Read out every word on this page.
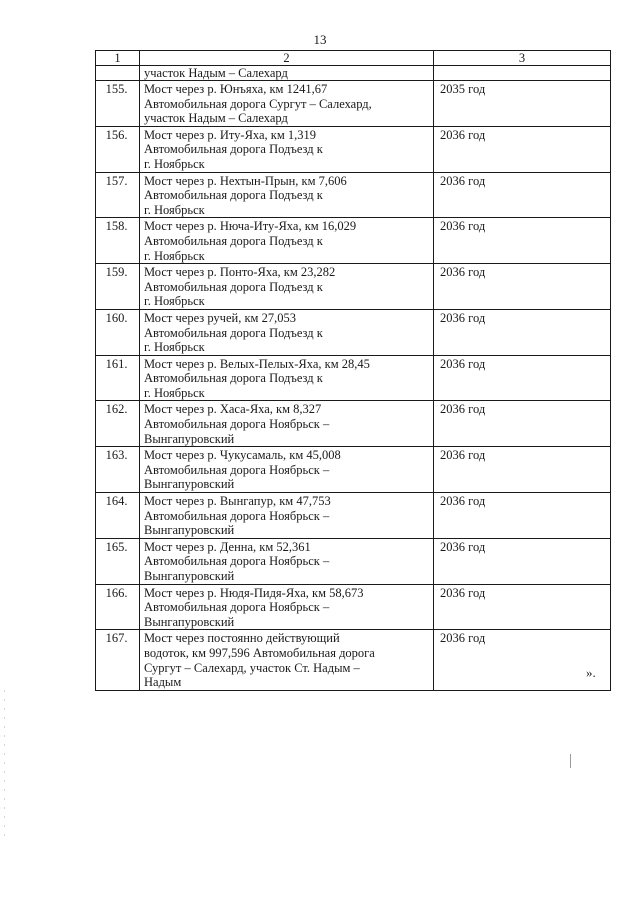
13
1	2	3
	участок Надым – Салехард	
155.	Мост через р. Юнъяха, км 1241,67
Автомобильная дорога Сургут – Салехард,
участок Надым – Салехард	2035 год
156.	Мост через р. Иту-Яха, км 1,319
Автомобильная дорога Подъезд к
г. Ноябрьск	2036 год
157.	Мост через р. Нехтын-Прын, км 7,606
Автомобильная дорога Подъезд к
г. Ноябрьск	2036 год
158.	Мост через р. Нюча-Иту-Яха, км 16,029
Автомобильная дорога Подъезд к
г. Ноябрьск	2036 год
159.	Мост через р. Понто-Яха, км 23,282
Автомобильная дорога Подъезд к
г. Ноябрьск	2036 год
160.	Мост через ручей, км 27,053
Автомобильная дорога Подъезд к
г. Ноябрьск	2036 год
161.	Мост через р. Велых-Пелых-Яха, км 28,45
Автомобильная дорога Подъезд к
г. Ноябрьск	2036 год
162.	Мост через р. Хаса-Яха, км 8,327
Автомобильная дорога Ноябрьск –
Вынгапуровский	2036 год
163.	Мост через р. Чукусамаль, км 45,008
Автомобильная дорога Ноябрьск –
Вынгапуровский	2036 год
164.	Мост через р. Вынгапур, км 47,753
Автомобильная дорога Ноябрьск –
Вынгапуровский	2036 год
165.	Мост через р. Денна, км 52,361
Автомобильная дорога Ноябрьск –
Вынгапуровский	2036 год
166.	Мост через р. Нюдя-Пидя-Яха, км 58,673
Автомобильная дорога Ноябрьск –
Вынгапуровский	2036 год
167.	Мост через постоянно действующий
водоток, км 997,596 Автомобильная дорога
Сургут – Салехард, участок Ст. Надым –
Надым	2036 год
».
